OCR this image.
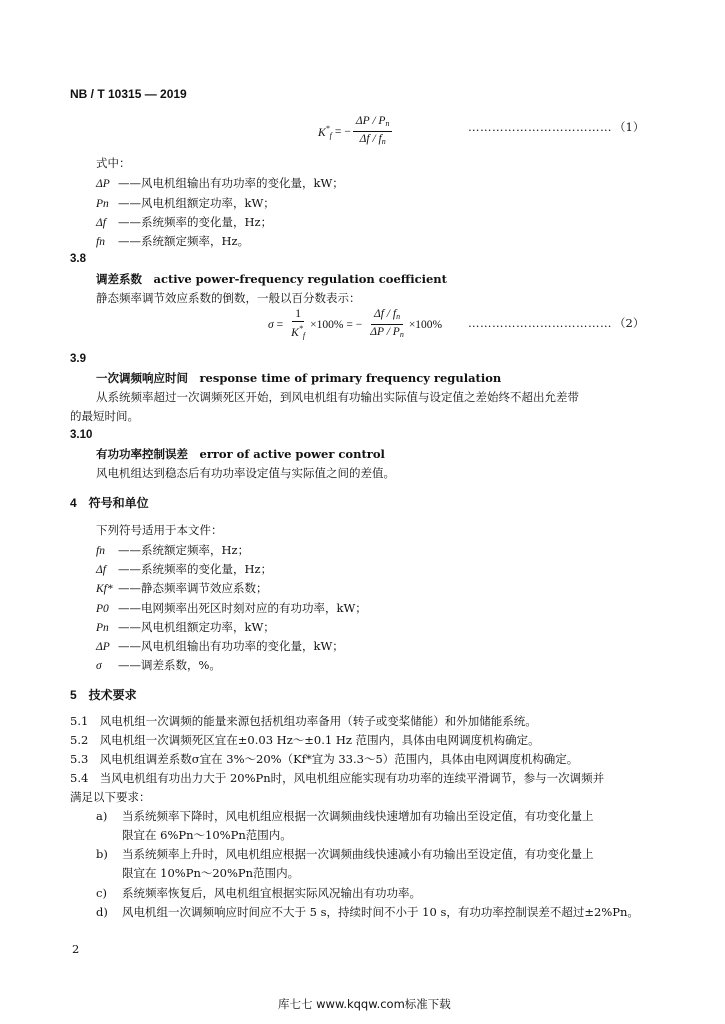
NB / T 10315 — 2019
$K^*_f$ = − $\frac{\Delta P / P_n}{\Delta f / f_n}$	……………………………… （1）
式中：
ΔP ——风电机组输出有功功率的变化量，kW；
Pn ——风电机组额定功率，kW；
Δf ——系统频率的变化量，Hz；
fn ——系统额定频率，Hz。
3.8
调差系数　 active power-frequency regulation coefficient
静态频率调节效应系数的倒数，一般以百分数表示：
$\sigma = \frac{1}{K^*_f} \times 100\%$ = − $\frac{\Delta f / f_n}{\Delta P / P_n} \times 100\%$ ……………………………… （2）
3.9
一次调频响应时间　 response time of primary frequency regulation
从系统频率超过一次调频死区开始，到风电机组有功输出实际值与设定值之差始终不超出允差带
的最短时间。
3.10
有功功率控制误差　 error of active power control
风电机组达到稳态后有功功率设定值与实际值之间的差值。
4　符号和单位
下列符号适用于本文件：
fn ——系统额定频率，Hz；
Δf ——系统频率的变化量，Hz；
Kf* ——静态频率调节效应系数；
P0 ——电网频率出死区时刻对应的有功功率，kW；
Pn ——风电机组额定功率，kW；
ΔP ——风电机组输出有功功率的变化量，kW；
σ ——调差系数，%。
5　技术要求
5.1　风电机组一次调频的能量来源包括机组功率备用（转子或变桨储能）和外加储能系统。
5.2　风电机组一次调频死区宜在±0.03 Hz～±0.1 Hz 范围内，具体由电网调度机构确定。
5.3　风电机组调差系数σ宜在 3%～20%（Kf*宜为 33.3～5）范围内，具体由电网调度机构确定。
5.4　当风电机组有功出力大于 20%Pn时，风电机组应能实现有功功率的连续平滑调节，参与一次调频并
满足以下要求：
a) 当系统频率下降时，风电机组应根据一次调频曲线快速增加有功输出至设定值，有功变化量上
限宜在 6%Pn～10%Pn范围内。
b) 当系统频率上升时，风电机组应根据一次调频曲线快速减小有功输出至设定值，有功变化量上
限宜在 10%Pn～20%Pn范围内。
c) 系统频率恢复后，风电机组宜根据实际风况输出有功功率。
d) 风电机组一次调频响应时间应不大于 5 s，持续时间不小于 10 s，有功功率控制误差不超过±2%Pn。
2
库七七 www.kqqw.com标准下载
